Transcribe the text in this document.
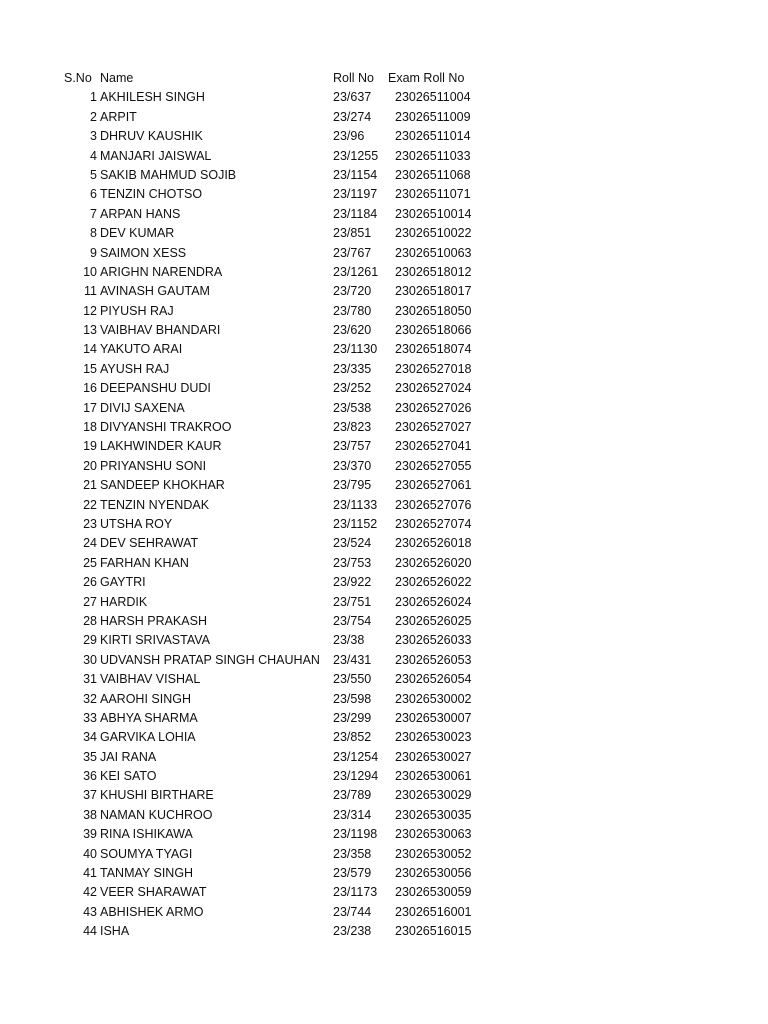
S.No Name	Roll No Exam Roll No
1 AKHILESH SINGH	23/637 23026511004
2 ARPIT	23/274 23026511009
3 DHRUV KAUSHIK	23/96 23026511014
4 MANJARI JAISWAL	23/1255 23026511033
5 SAKIB MAHMUD SOJIB	23/1154 23026511068
6 TENZIN CHOTSO	23/1197 23026511071
7 ARPAN HANS	23/1184 23026510014
8 DEV KUMAR	23/851 23026510022
9 SAIMON XESS	23/767 23026510063
10 ARIGHN NARENDRA	23/1261 23026518012
11 AVINASH GAUTAM	23/720 23026518017
12 PIYUSH RAJ	23/780 23026518050
13 VAIBHAV BHANDARI	23/620 23026518066
14 YAKUTO ARAI	23/1130 23026518074
15 AYUSH RAJ	23/335 23026527018
16 DEEPANSHU DUDI	23/252 23026527024
17 DIVIJ SAXENA	23/538 23026527026
18 DIVYANSHI TRAKROO	23/823 23026527027
19 LAKHWINDER KAUR	23/757 23026527041
20 PRIYANSHU SONI	23/370 23026527055
21 SANDEEP KHOKHAR	23/795 23026527061
22 TENZIN NYENDAK	23/1133 23026527076
23 UTSHA ROY	23/1152 23026527074
24 DEV SEHRAWAT	23/524 23026526018
25 FARHAN KHAN	23/753 23026526020
26 GAYTRI	23/922 23026526022
27 HARDIK	23/751 23026526024
28 HARSH PRAKASH	23/754 23026526025
29 KIRTI SRIVASTAVA	23/38 23026526033
30 UDVANSH PRATAP SINGH CHAUHAN 23/431 23026526053
31 VAIBHAV VISHAL	23/550 23026526054
32 AAROHI SINGH	23/598 23026530002
33 ABHYA SHARMA	23/299 23026530007
34 GARVIKA LOHIA	23/852 23026530023
35 JAI RANA	23/1254 23026530027
36 KEI SATO	23/1294 23026530061
37 KHUSHI BIRTHARE	23/789 23026530029
38 NAMAN KUCHROO	23/314 23026530035
39 RINA ISHIKAWA	23/1198 23026530063
40 SOUMYA TYAGI	23/358 23026530052
41 TANMAY SINGH	23/579 23026530056
42 VEER SHARAWAT	23/1173 23026530059
43 ABHISHEK ARMO	23/744 23026516001
44 ISHA	23/238 23026516015
